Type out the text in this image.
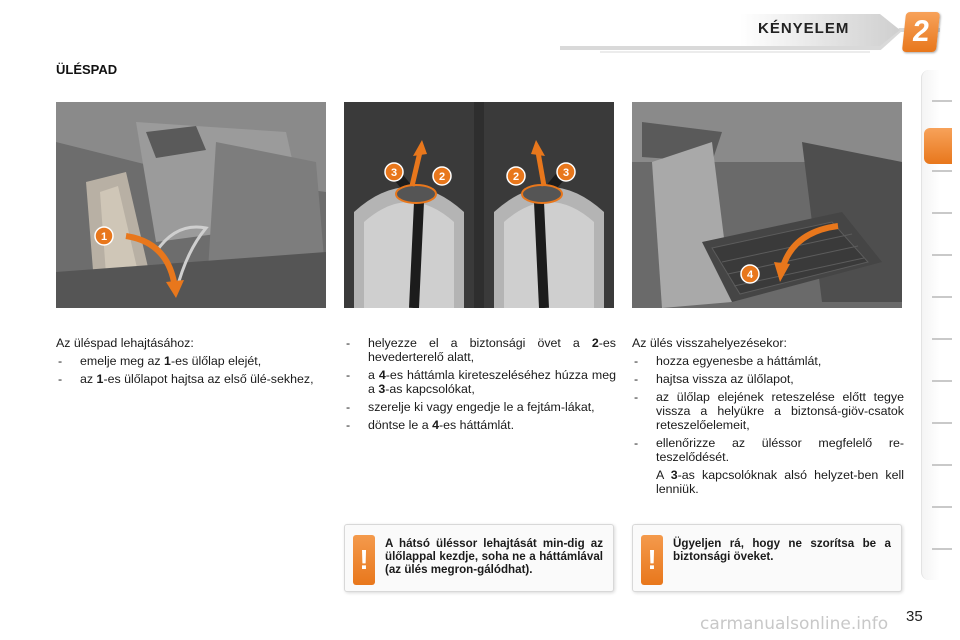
KÉNYELEM	2
ÜLÉSPAD
1
3	2	2	3
4

Az üléspad lehajtásához:

- emelje meg az 1-es ülőlap elejét,
- az 1-es ülőlapot hajtsa az első ülé-sekhez,
- helyezze el a biztonsági övet a 2-es hevederterelő alatt,
- a 4-es háttámla kireteszeléséhez húzza meg a 3-as kapcsolókat,
- szerelje ki vagy engedje le a fejtám-lákat,
- döntse le a 4-es háttámlát.

Az ülés visszahelyezésekor:

- hozza egyenesbe a háttámlát,
- hajtsa vissza az ülőlapot,
- az ülőlap elejének reteszelése előtt tegye vissza a helyükre a biztonsá-giöv-csatok reteszelőelemeit,
- ellenőrizze az üléssor megfelelő re-teszelődését.

A 3-as kapcsolóknak alsó helyzet-ben kell lenniük.

!
A hátsó üléssor lehajtását min-dig az ülőlappal kezdje, soha ne a háttámlával (az ülés megron-gálódhat).	!
Ügyeljen rá, hogy ne szorítsa be a biztonsági öveket.
carmanualsonline.info 35
